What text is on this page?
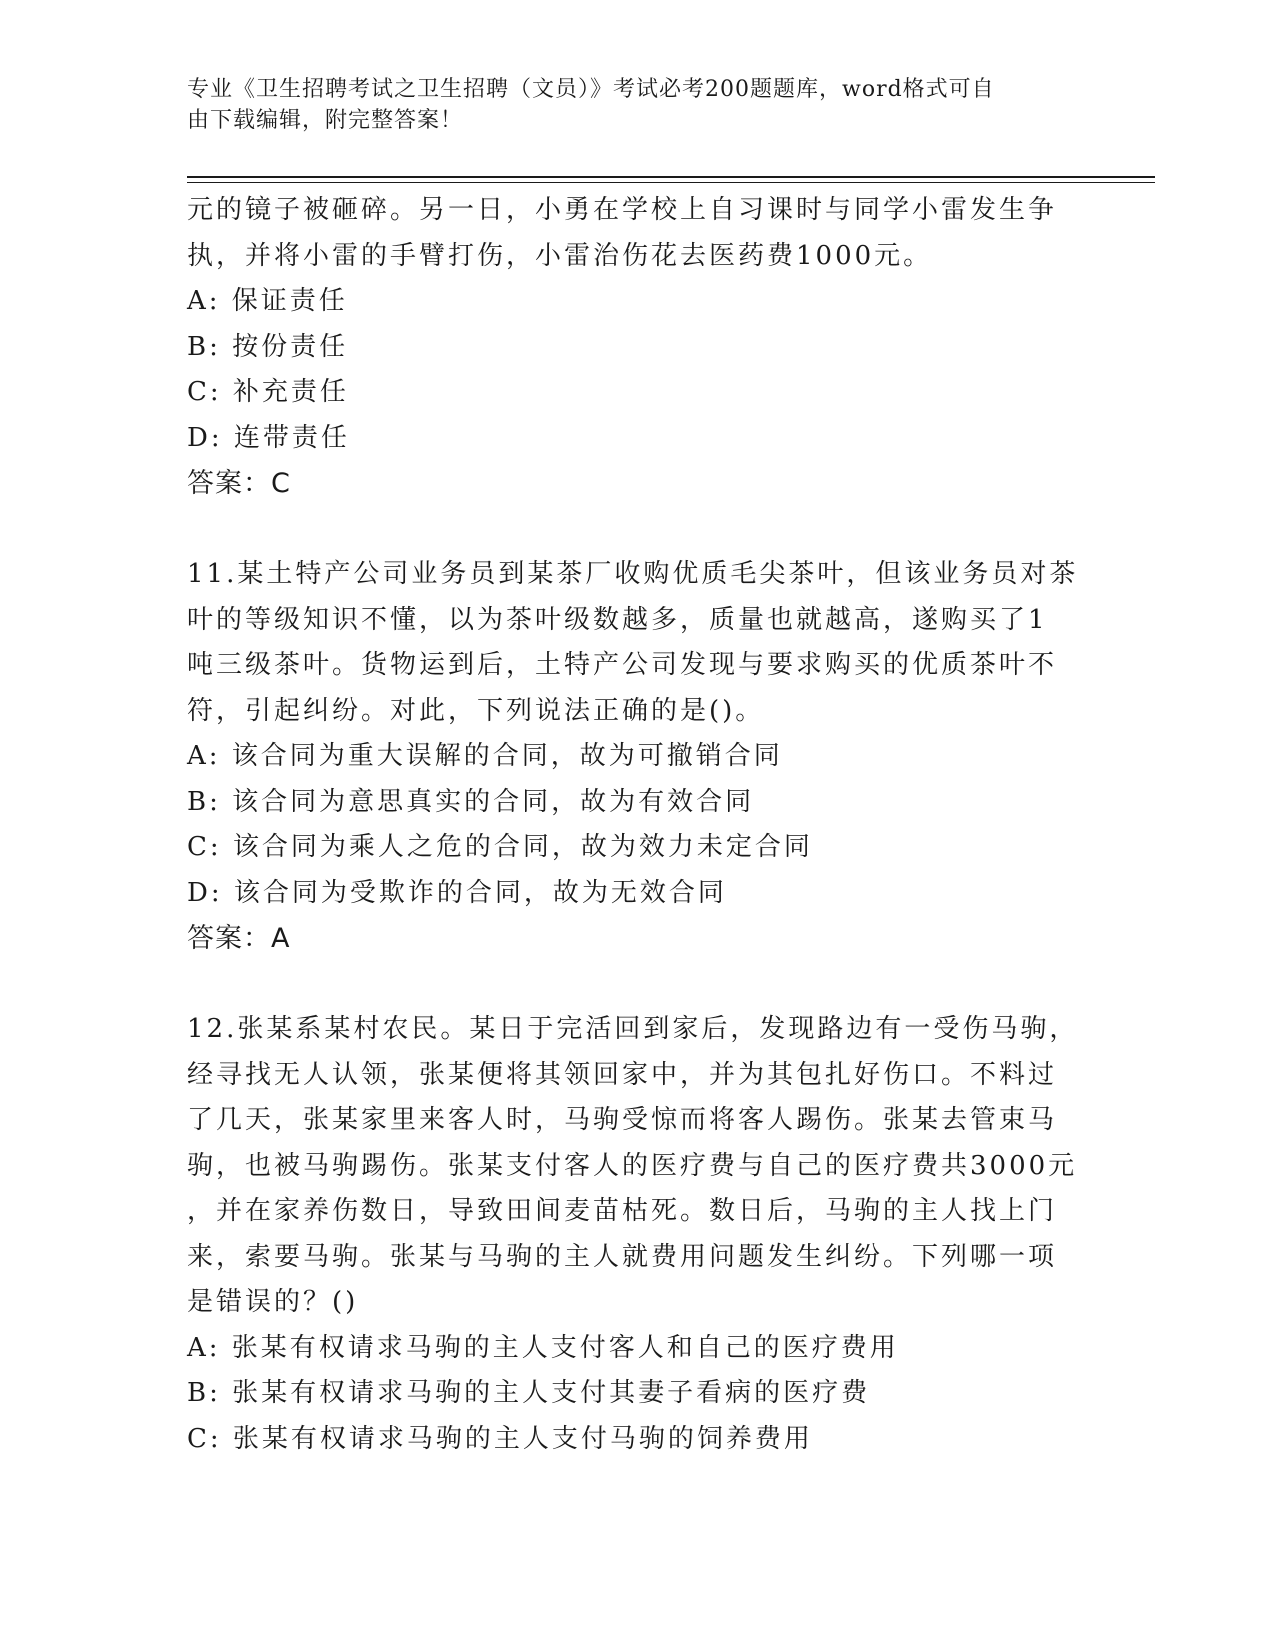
专业《卫生招聘考试之卫生招聘（文员）》考试必考200题题库，word格式可自
由下载编辑，附完整答案！
元的镜子被砸碎。另一日，小勇在学校上自习课时与同学小雷发生争
执，并将小雷的手臂打伤，小雷治伤花去医药费1000元。
A: 保证责任
B: 按份责任
C: 补充责任
D: 连带责任
答案：C
11.某土特产公司业务员到某茶厂收购优质毛尖茶叶，但该业务员对茶
叶的等级知识不懂，以为茶叶级数越多，质量也就越高，遂购买了1
吨三级茶叶。货物运到后，土特产公司发现与要求购买的优质茶叶不
符，引起纠纷。对此，下列说法正确的是()。
A: 该合同为重大误解的合同，故为可撤销合同
B: 该合同为意思真实的合同，故为有效合同
C: 该合同为乘人之危的合同，故为效力未定合同
D: 该合同为受欺诈的合同，故为无效合同
答案：A
12.张某系某村农民。某日于完活回到家后，发现路边有一受伤马驹，
经寻找无人认领，张某便将其领回家中，并为其包扎好伤口。不料过
了几天，张某家里来客人时，马驹受惊而将客人踢伤。张某去管束马
驹，也被马驹踢伤。张某支付客人的医疗费与自己的医疗费共3000元
，并在家养伤数日，导致田间麦苗枯死。数日后，马驹的主人找上门
来，索要马驹。张某与马驹的主人就费用问题发生纠纷。下列哪一项
是错误的？()
A: 张某有权请求马驹的主人支付客人和自己的医疗费用
B: 张某有权请求马驹的主人支付其妻子看病的医疗费
C: 张某有权请求马驹的主人支付马驹的饲养费用
